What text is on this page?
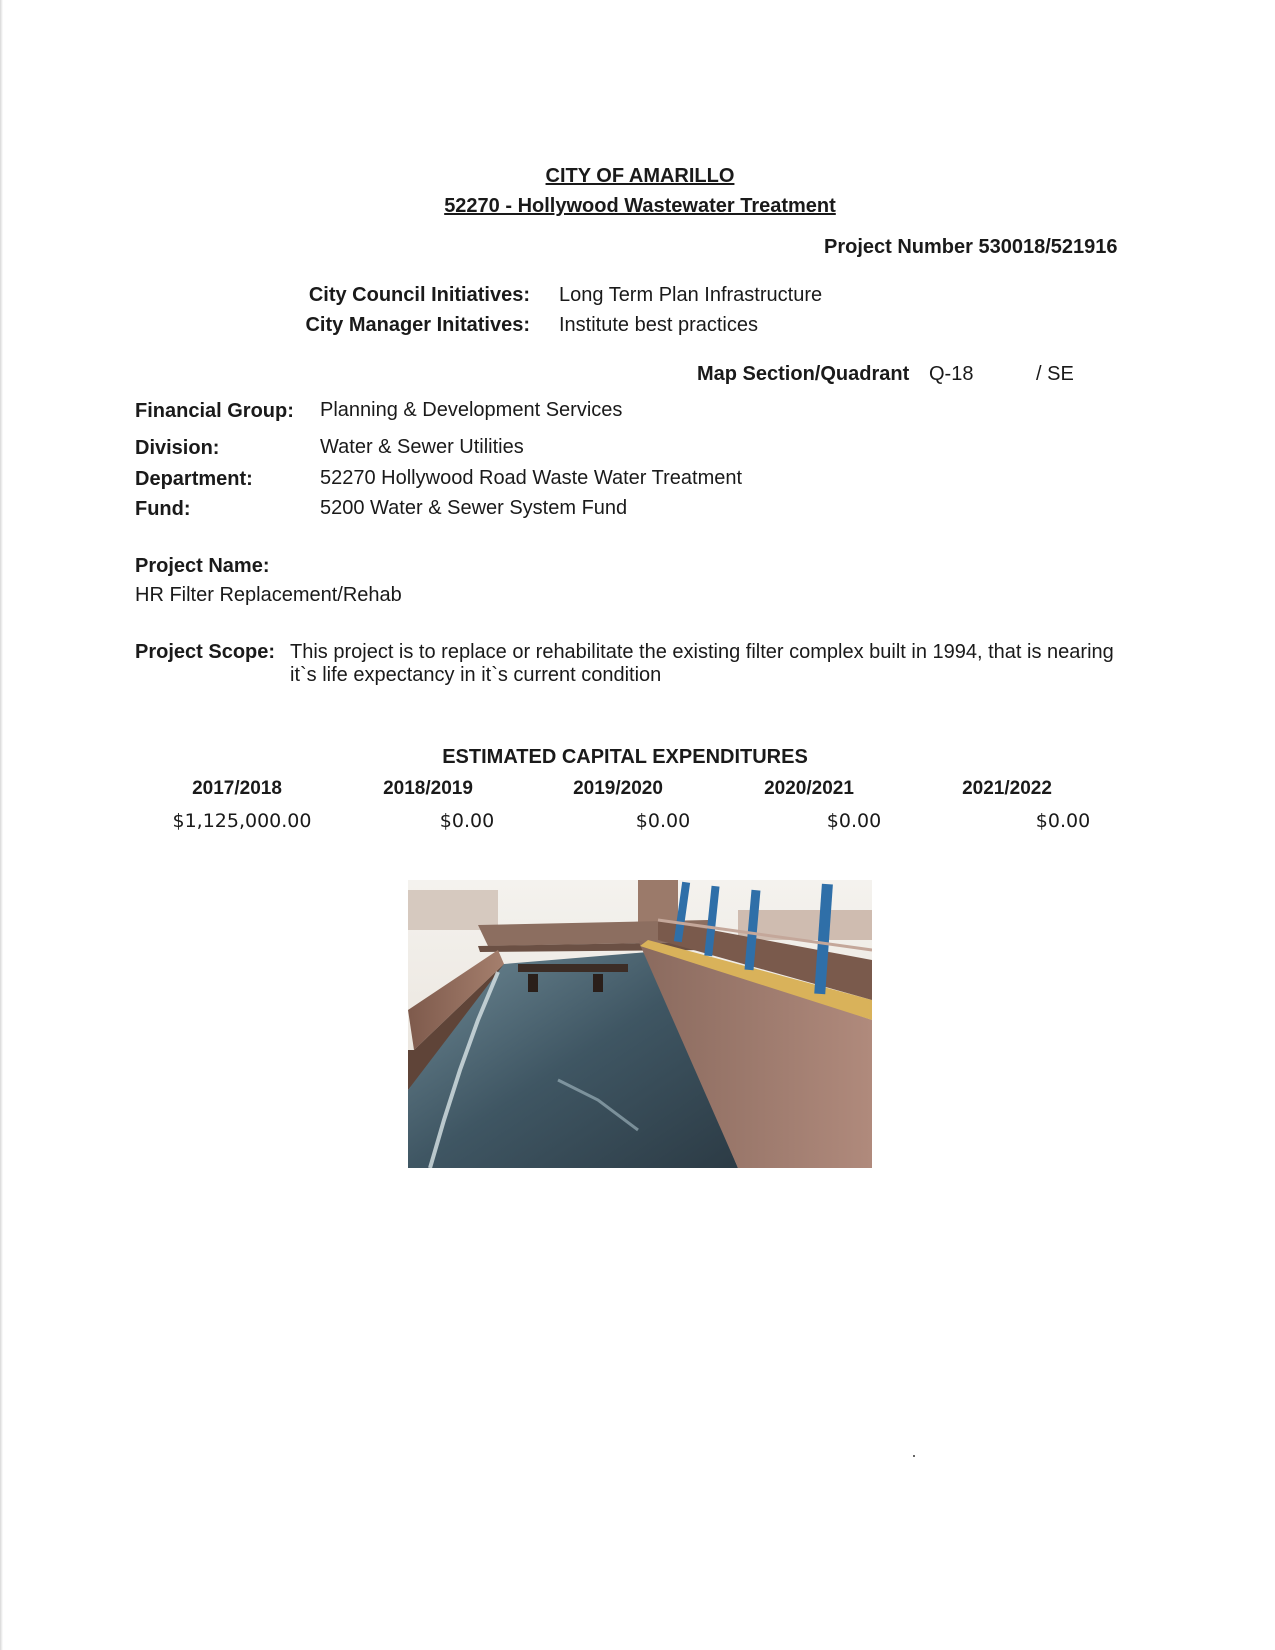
CITY OF AMARILLO
52270 - Hollywood Wastewater Treatment
Project Number 530018/521916
City Council Initiatives: Long Term Plan Infrastructure
City Manager Initatives: Institute best practices
Map Section/Quadrant Q-18	/ SE
Financial Group: Planning & Development Services
Division:	Water & Sewer Utilities
Department:	52270 Hollywood Road Waste Water Treatment
Fund:	5200 Water & Sewer System Fund
Project Name:
HR Filter Replacement/Rehab
Project Scope: This project is to replace or rehabilitate the existing filter complex built in 1994, that is nearing
it`s life expectancy in it`s current condition
ESTIMATED CAPITAL EXPENDITURES
2017/2018	2018/2019	2019/2020	2020/2021	2021/2022
$1,125,000.00	$0.00	$0.00	$0.00	$0.00
